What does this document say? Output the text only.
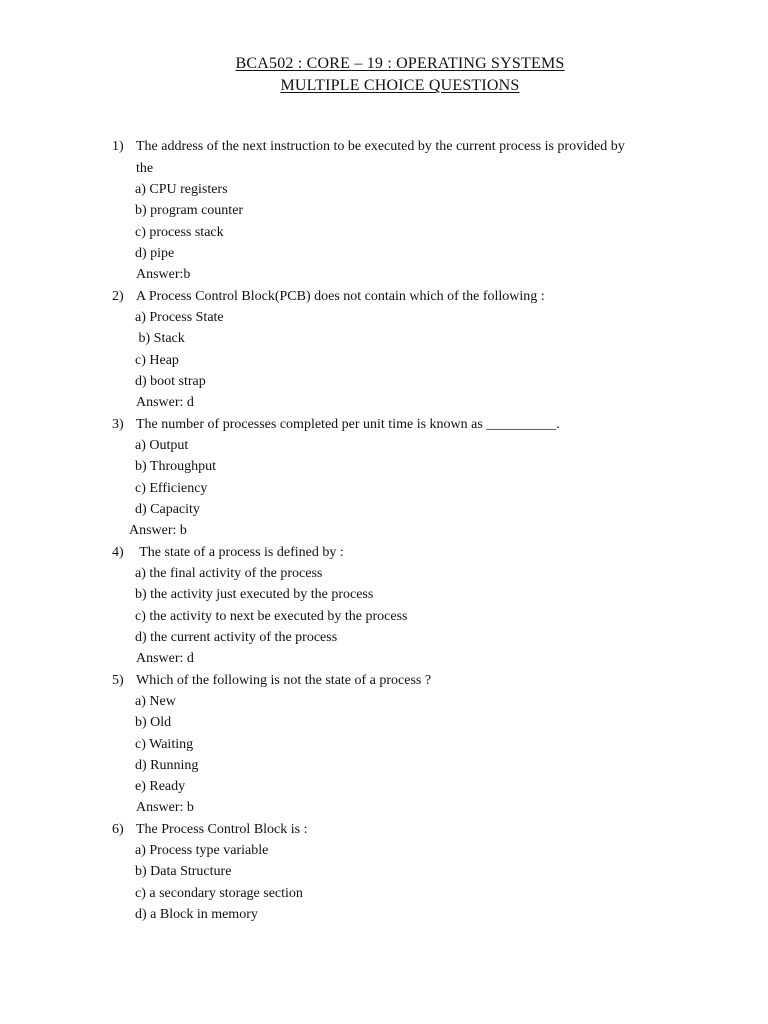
BCA502 : CORE – 19 : OPERATING SYSTEMS
MULTIPLE CHOICE QUESTIONS
1) The address of the next instruction to be executed by the current process is provided by
the
a) CPU registers
b) program counter
c) process stack
d) pipe
Answer:b
2) A Process Control Block(PCB) does not contain which of the following :
a) Process State
b) Stack
c) Heap
d) boot strap
Answer: d
3) The number of processes completed per unit time is known as __________.
a) Output
b) Throughput
c) Efficiency
d) Capacity
Answer: b
4) The state of a process is defined by :
a) the final activity of the process
b) the activity just executed by the process
c) the activity to next be executed by the process
d) the current activity of the process
Answer: d
5) Which of the following is not the state of a process ?
a) New
b) Old
c) Waiting
d) Running
e) Ready
Answer: b
6) The Process Control Block is :
a) Process type variable
b) Data Structure
c) a secondary storage section
d) a Block in memory
